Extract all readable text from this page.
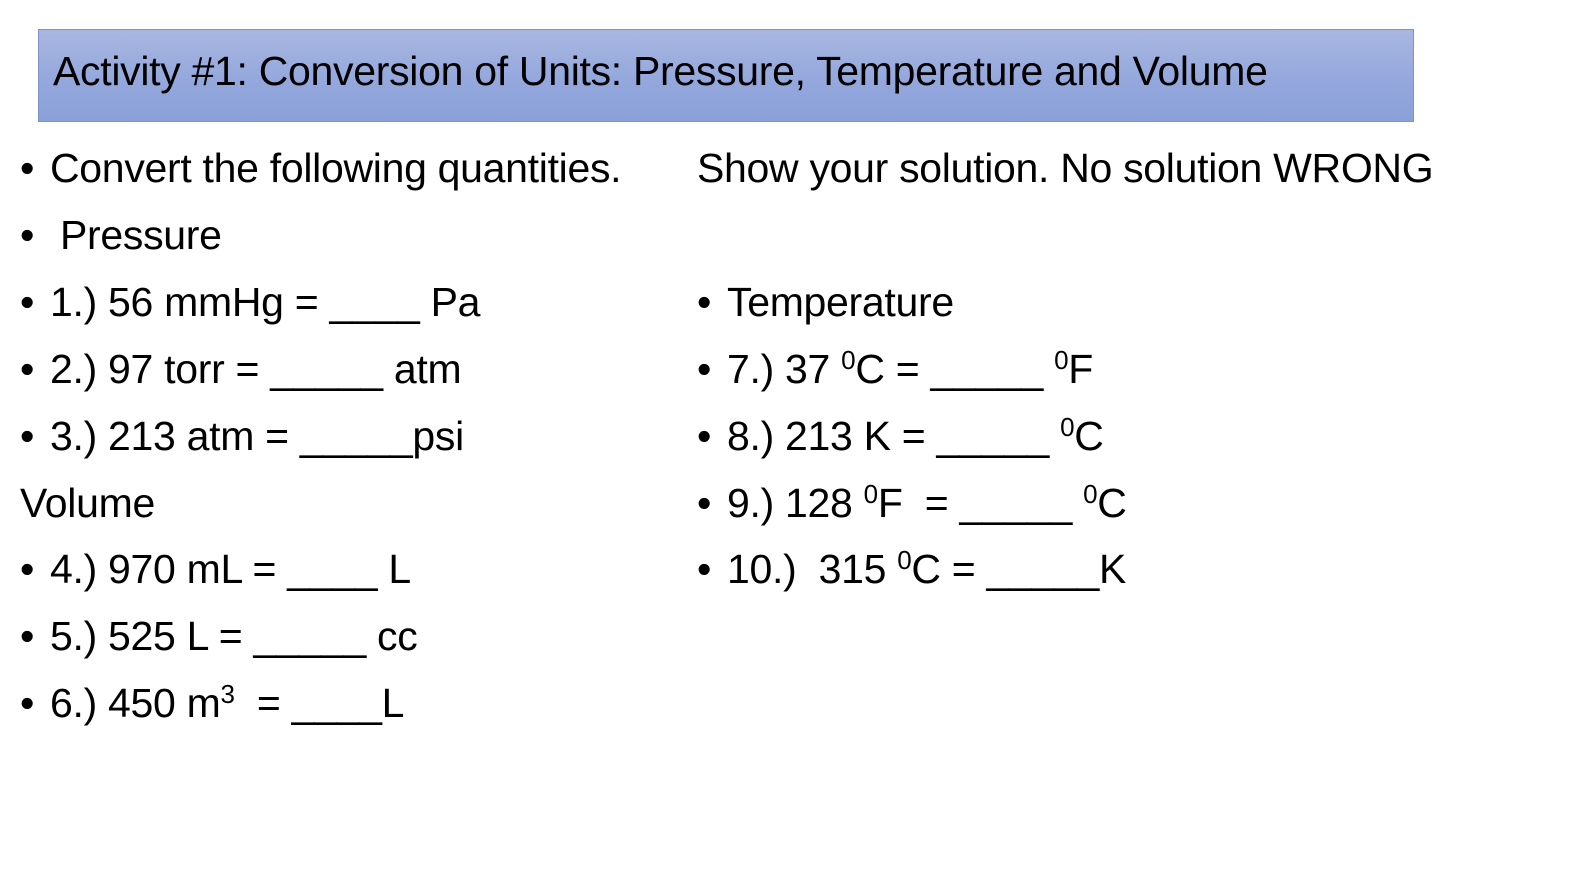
Activity #1: Conversion of Units: Pressure, Temperature and Volume
• Convert the following quantities. Show your solution. No solution WRONG
• Pressure
• 1.) 56 mmHg = ____ Pa
• 2.) 97 torr = _____ atm
• 3.) 213 atm = _____psi
Volume
• 4.) 970 mL = ____ L
• 5.) 525 L = _____ cc
• 6.) 450 $m^3$  = ____L
• Temperature
• 7.) 37 $^0$C = _____ $^0$F
• 8.) 213 K = _____ $^0$C
• 9.) 128 $^0$F  = _____ $^0$C
• 10.)  315 $^0$C = _____K
